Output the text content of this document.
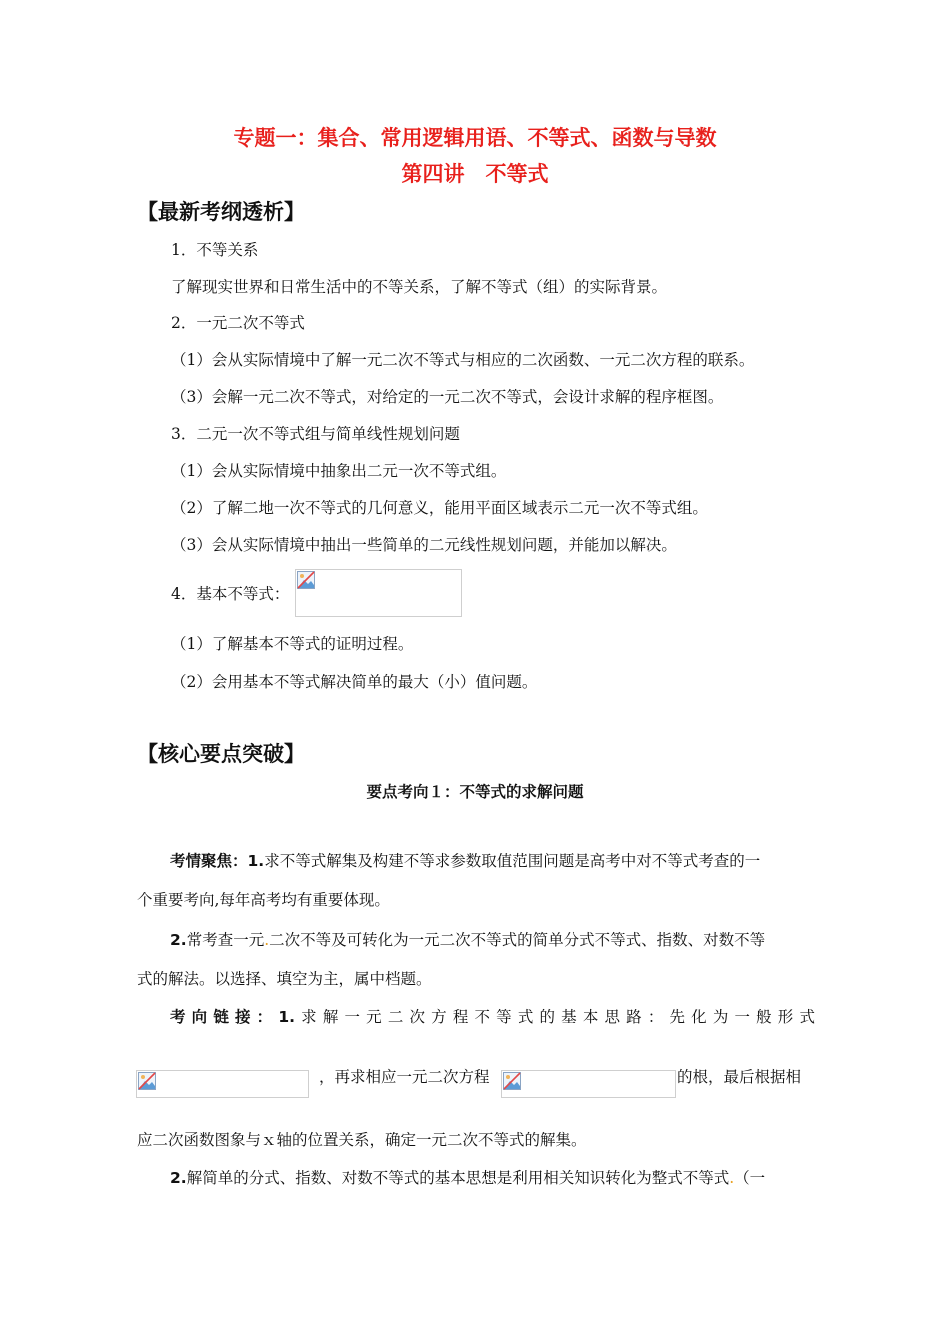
专题一：集合、常用逻辑用语、不等式、函数与导数
第四讲　不等式
【最新考纲透析】
1．不等关系
了解现实世界和日常生活中的不等关系，了解不等式（组）的实际背景。
2．一元二次不等式
（1）会从实际情境中了解一元二次不等式与相应的二次函数、一元二次方程的联系。
（3）会解一元二次不等式，对给定的一元二次不等式，会设计求解的程序框图。
3．二元一次不等式组与简单线性规划问题
（1）会从实际情境中抽象出二元一次不等式组。
（2）了解二地一次不等式的几何意义，能用平面区域表示二元一次不等式组。
（3）会从实际情境中抽出一些简单的二元线性规划问题，并能加以解决。
4．基本不等式：
（1）了解基本不等式的证明过程。
（2）会用基本不等式解决简单的最大（小）值问题。
【核心要点突破】
要点考向１：不等式的求解问题
考情聚焦：1.求不等式解集及构建不等求参数取值范围问题是高考中对不等式考查的一
个重要考向,每年高考均有重要体现。
2.常考查一元.二次不等及可转化为一元二次不等式的简单分式不等式、指数、对数不等
式的解法。以选择、填空为主，属中档题。
考向链接：1.求解一元二次方程不等式的基本思路：先化为一般形式
，再求相应一元二次方程	的根，最后根据相
应二次函数图象与ｘ轴的位置关系，确定一元二次不等式的解集。
2.解简单的分式、指数、对数不等式的基本思想是利用相关知识转化为整式不等式.（一
